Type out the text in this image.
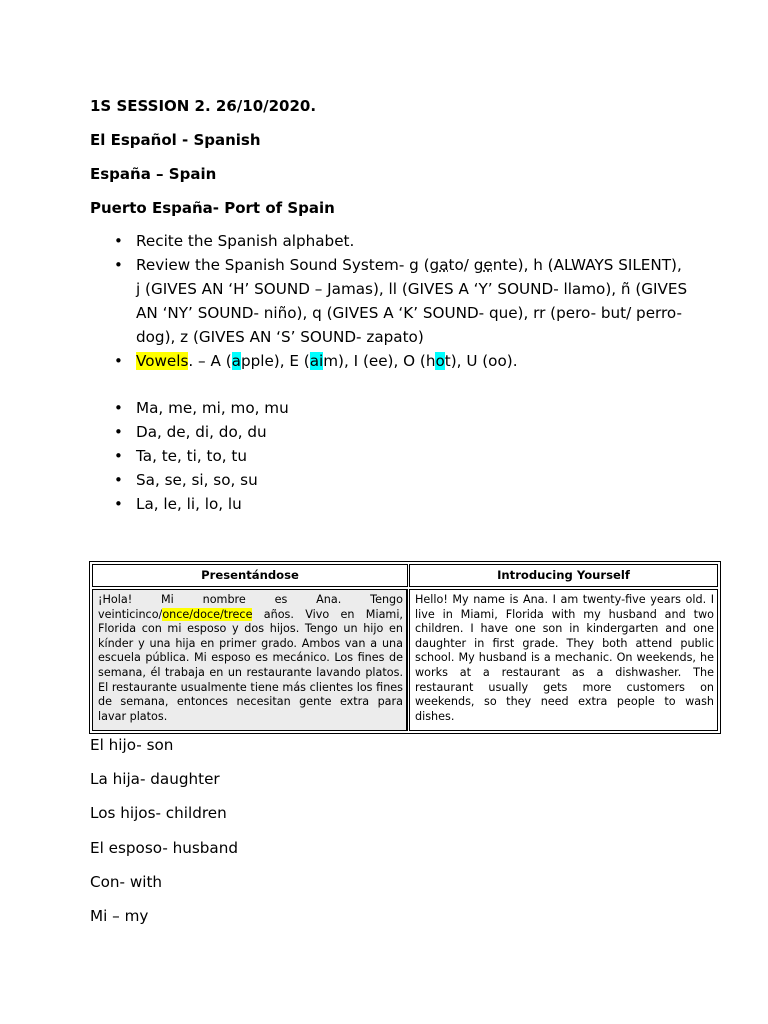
1S SESSION 2. 26/10/2020.
El Español - Spanish
España – Spain
Puerto España- Port of Spain
• Recite the Spanish alphabet.
• Review the Spanish Sound System- g (gato/ gente), h (ALWAYS SILENT), j (GIVES AN ‘H’ SOUND – Jamas), ll (GIVES A ‘Y’ SOUND- llamo), ñ (GIVES AN ‘NY’ SOUND- niño), q (GIVES A ‘K’ SOUND- que), rr (pero- but/ perro- dog), z (GIVES AN ‘S’ SOUND- zapato)
• Vowels. – A (apple), E (aim), I (ee), O (hot), U (oo).
• Ma, me, mi, mo, mu
• Da, de, di, do, du
• Ta, te, ti, to, tu
• Sa, se, si, so, su
• La, le, li, lo, lu
Presentándose	Introducing Yourself
¡Hola! Mi nombre es Ana. Tengo veinticinco/once/doce/trece años. Vivo en Miami, Florida con mi esposo y dos hijos. Tengo un hijo en kínder y una hija en primer grado. Ambos van a una escuela pública. Mi esposo es mecánico. Los fines de semana, él trabaja en un restaurante lavando platos. El restaurante usualmente tiene más clientes los fines de semana, entonces necesitan gente extra para lavar platos.
Hello! My name is Ana. I am twenty-five years old. I live in Miami, Florida with my husband and two children. I have one son in kindergarten and one daughter in first grade. They both attend public school. My husband is a mechanic. On weekends, he works at a restaurant as a dishwasher. The restaurant usually gets more customers on weekends, so they need extra people to wash dishes.
El hijo- son
La hija- daughter
Los hijos- children
El esposo- husband
Con- with
Mi – my
